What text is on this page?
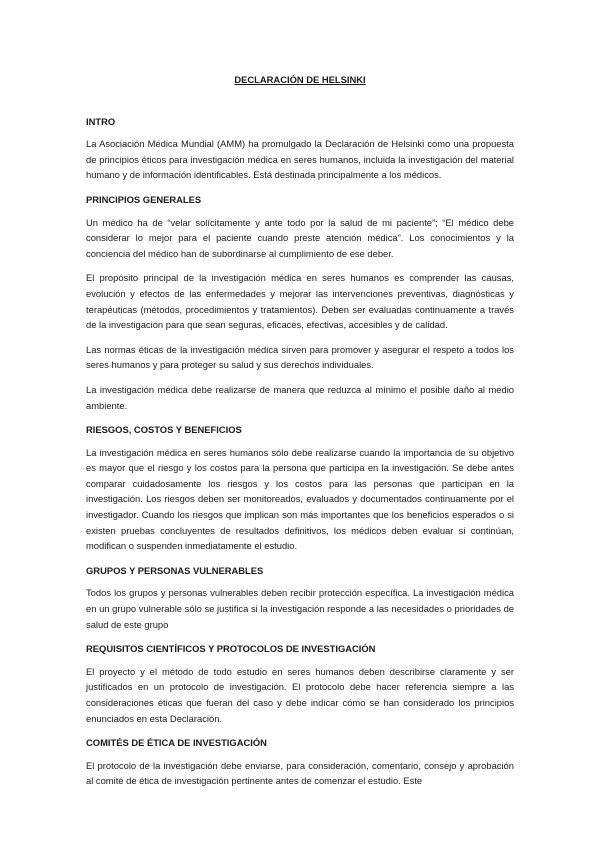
DECLARACIÓN DE HELSINKI
INTRO

La Asociación Médica Mundial (AMM) ha promulgado la Declaración de Helsinki como una propuesta de principios éticos para investigación médica en seres humanos, incluida la investigación del material humano y de información identificables. Está destinada principalmente a los médicos.

PRINCIPIOS GENERALES

Un médico ha de “velar solícitamente y ante todo por la salud de mi paciente”; “El médico debe considerar lo mejor para el paciente cuando preste atención médica”. Los conocimientos y la conciencia del médico han de subordinarse al cumplimiento de ese deber.

El propósito principal de la investigación médica en seres humanos es comprender las causas, evolución y efectos de las enfermedades y mejorar las intervenciones preventivas, diagnósticas y terapéuticas (métodos, procedimientos y tratamientos). Deben ser evaluadas continuamente a través de la investigación para que sean seguras, eficaces, efectivas, accesibles y de calidad.

Las normas éticas de la investigación médica sirven para promover y asegurar el respeto a todos los seres humanos y para proteger su salud y sus derechos individuales.

La investigación médica debe realizarse de manera que reduzca al mínimo el posible daño al medio ambiente.

RIESGOS, COSTOS Y BENEFICIOS

La investigación médica en seres humanos sólo debe realizarse cuando la importancia de su objetivo es mayor que el riesgo y los costos para la persona que participa en la investigación. Se debe antes comparar cuidadosamente los riesgos y los costos para las personas que participan en la investigación. Los riesgos deben ser monitoreados, evaluados y documentados continuamente por el investigador. Cuando los riesgos que implican son más importantes que los beneficios esperados o si existen pruebas concluyentes de resultados definitivos, los médicos deben evaluar si continúan, modifican o suspenden inmediatamente el estudio.

GRUPOS Y PERSONAS VULNERABLES

Todos los grupos y personas vulnerables deben recibir protección específica. La investigación médica en un grupo vulnerable sólo se justifica si la investigación responde a las necesidades o prioridades de salud de este grupo

REQUISITOS CIENTÍFICOS Y PROTOCOLOS DE INVESTIGACIÓN

El proyecto y el método de todo estudio en seres humanos deben describirse claramente y ser justificados en un protocolo de investigación. El protocolo debe hacer referencia siempre a las consideraciones éticas que fueran del caso y debe indicar cómo se han considerado los principios enunciados en esta Declaración.

COMITÉS DE ÉTICA DE INVESTIGACIÓN

El protocolo de la investigación debe enviarse, para consideración, comentario, consejo y aprobación al comité de ética de investigación pertinente antes de comenzar el estudio. Este
